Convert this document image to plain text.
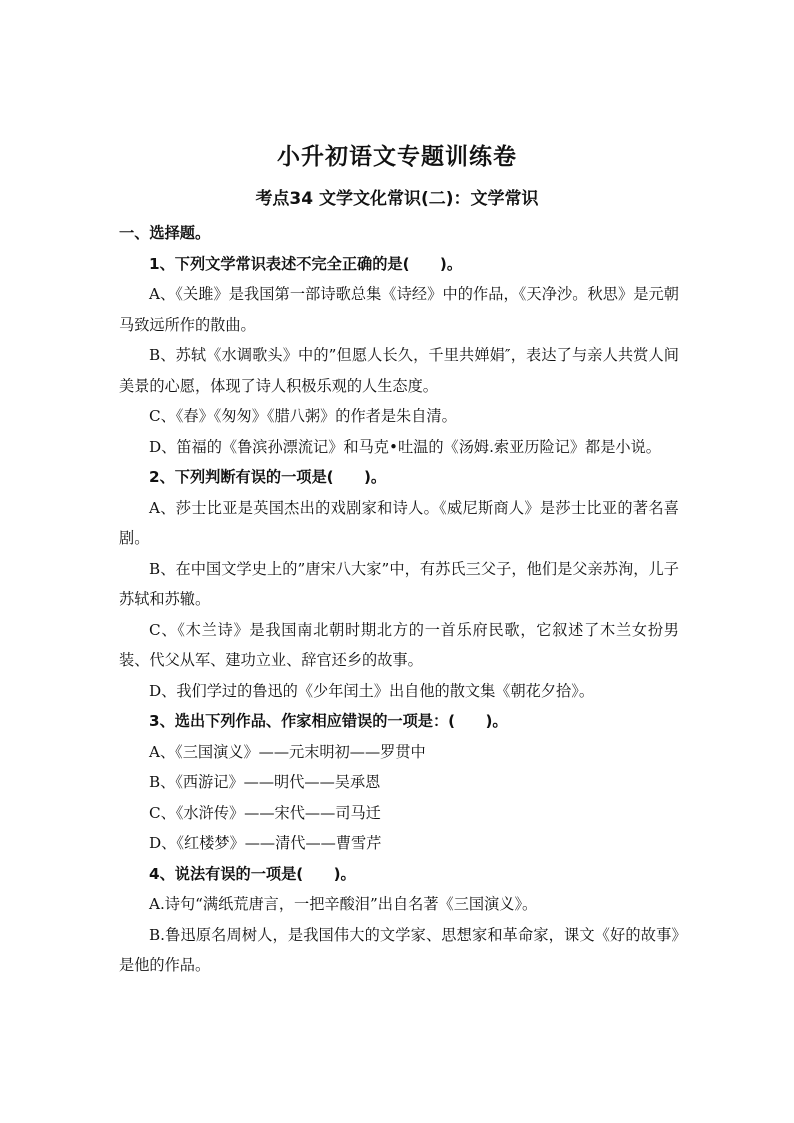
小升初语文专题训练卷
考点34 文学文化常识(二)：文学常识

一、选择题。

1、下列文学常识表述不完全正确的是(　　)。

A、《关雎》是我国第一部诗歌总集《诗经》中的作品，《天净沙。秋思》是元朝马致远所作的散曲。

B、苏轼《水调歌头》中的”但愿人长久，千里共婵娟″，表达了与亲人共赏人间美景的心愿，体现了诗人积极乐观的人生态度。

C、《春》《匆匆》《腊八粥》的作者是朱自清。

D、笛福的《鲁滨孙漂流记》和马克•吐温的《汤姆.索亚历险记》都是小说。

2、下列判断有误的一项是(　　)。

A、莎士比亚是英国杰出的戏剧家和诗人。《威尼斯商人》是莎士比亚的著名喜剧。

B、在中国文学史上的”唐宋八大家”中，有苏氏三父子，他们是父亲苏洵，儿子苏轼和苏辙。

C、《木兰诗》是我国南北朝时期北方的一首乐府民歌，它叙述了木兰女扮男装、代父从军、建功立业、辞官还乡的故事。

D、我们学过的鲁迅的《少年闰土》出自他的散文集《朝花夕拾》。

3、选出下列作品、作家相应错误的一项是：(　　)。

A、《三国演义》——元末明初——罗贯中

B、《西游记》——明代——吴承恩

C、《水浒传》——宋代——司马迁

D、《红楼梦》——清代——曹雪芹

4、说法有误的一项是(　　)。

A.诗句“满纸荒唐言，一把辛酸泪”出自名著《三国演义》。

B.鲁迅原名周树人，是我国伟大的文学家、思想家和革命家，课文《好的故事》是他的作品。
